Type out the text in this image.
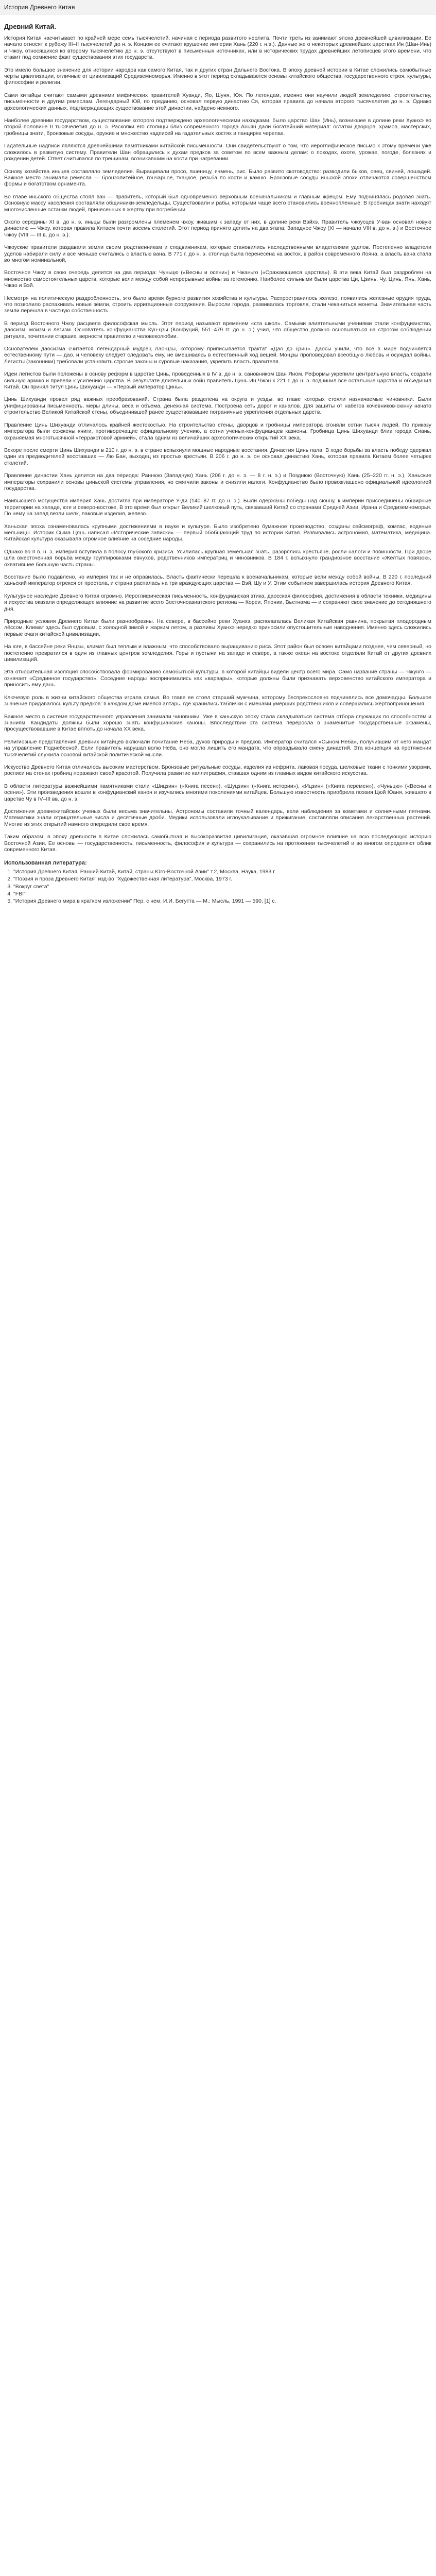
История Древнего Китая
Древний Китай.

История Китая насчитывает по крайней мере семь тысячелетий, начиная с периода развитого неолита. Почти треть из занимают эпоха древнейшей цивилизации. Ее начало относят к рубежу III–II тысячелетий до н. э. Концом ее считают крушение империи Хань (220 г. н.э.). Данные же о некоторых древнейших царствах Ин (Шан-Инь) и Чжоу, относящихся ко второму тысячелетию до н. э. отсутствуют в письменных источниках, или в исторических трудах древнейших летописцев этого времени, что ставит под сомнение факт существования этих государств.

Это имело большое значение для истории народов как самого Китая, так и других стран Дальнего Востока. В эпоху древней истории в Китае сложились самобытные черты цивилизации, отличные от цивилизаций Средиземноморья. Именно в этот период складываются основы китайского общества, государственного строя, культуры, философии и религии.

Сами китайцы считают самыми древними мифических правителей Хуанди, Яо, Шуня, Юя. По легендам, именно они научили людей земледелию, строительству, письменности и другим ремеслам. Легендарный Юй, по преданию, основал первую династию Ся, которая правила до начала второго тысячелетия до н. э. Однако археологических данных, подтверждающих существование этой династии, найдено немного.

Наиболее древним государством, существование которого подтверждено археологическими находками, было царство Шан (Инь), возникшее в долине реки Хуанхэ во второй половине II тысячелетия до н. э. Раскопки его столицы близ современного города Аньян дали богатейший материал: остатки дворцов, храмов, мастерских, гробницы знати, бронзовые сосуды, оружие и множество надписей на гадательных костях и панцирях черепах.

Гадательные надписи являются древнейшими памятниками китайской письменности. Они свидетельствуют о том, что иероглифическое письмо к этому времени уже сложилось в развитую систему. Правители Шан обращались к духам предков за советом по всем важным делам: о походах, охоте, урожае, погоде, болезнях и рождении детей. Ответ считывался по трещинам, возникавшим на кости при нагревании.

Основу хозяйства иньцев составляло земледелие. Выращивали просо, пшеницу, ячмень, рис. Было развито скотоводство: разводили быков, овец, свиней, лошадей. Важное место занимали ремесла — бронзолитейное, гончарное, ткацкое, резьба по кости и камню. Бронзовые сосуды иньской эпохи отличаются совершенством формы и богатством орнамента.

Во главе иньского общества стоял ван — правитель, который был одновременно верховным военачальником и главным жрецом. Ему подчинялась родовая знать. Основную массу населения составляли общинники-земледельцы. Существовали и рабы, которыми чаще всего становились военнопленные. В гробницах знати находят многочисленные останки людей, принесенных в жертву при погребении.

Около середины XI в. до н. э. иньцы были разгромлены племенем чжоу, жившим к западу от них, в долине реки Вэйхэ. Правитель чжоусцев У-ван основал новую династию — Чжоу, которая правила Китаем почти восемь столетий. Этот период принято делить на два этапа: Западное Чжоу (XI — начало VIII в. до н. э.) и Восточное Чжоу (VIII — III в. до н. э.).

Чжоуские правители раздавали земли своим родственникам и сподвижникам, которые становились наследственными владетелями уделов. Постепенно владетели уделов набирали силу и все меньше считались с властью вана. В 771 г. до н. э. столица была перенесена на восток, в район современного Лояна, а власть вана стала во многом номинальной.

Восточное Чжоу в свою очередь делится на два периода: Чуньцю («Весны и осени») и Чжаньго («Сражающиеся царства»). В эти века Китай был раздроблен на множество самостоятельных царств, которые вели между собой непрерывные войны за гегемонию. Наиболее сильными были царства Ци, Цзинь, Чу, Цинь, Янь, Хань, Чжао и Вэй.

Несмотря на политическую раздробленность, это было время бурного развития хозяйства и культуры. Распространилось железо, появились железные орудия труда, что позволило распахивать новые земли, строить ирригационные сооружения. Выросли города, развивалась торговля, стали чеканиться монеты. Значительная часть земли перешла в частную собственность.

В период Восточного Чжоу расцвела философская мысль. Этот период называют временем «ста школ». Самыми влиятельными учениями стали конфуцианство, даосизм, моизм и легизм. Основатель конфуцианства Кун-цзы (Конфуций, 551–479 гг. до н. э.) учил, что общество должно основываться на строгом соблюдении ритуала, почитании старших, верности правителю и человеколюбии.

Основателем даосизма считается легендарный мудрец Лао-цзы, которому приписывается трактат «Дао дэ цзин». Даосы учили, что все в мире подчиняется естественному пути — дао, и человеку следует следовать ему, не вмешиваясь в естественный ход вещей. Мо-цзы проповедовал всеобщую любовь и осуждал войны. Легисты (законники) требовали установить строгие законы и суровые наказания, укрепить власть правителя.

Идеи легистов были положены в основу реформ в царстве Цинь, проведенных в IV в. до н. э. сановником Шан Яном. Реформы укрепили центральную власть, создали сильную армию и привели к усилению царства. В результате длительных войн правитель Цинь Ин Чжэн к 221 г. до н. э. подчинил все остальные царства и объединил Китай. Он принял титул Цинь Шихуанди — «Первый император Цинь».

Цинь Шихуанди провел ряд важных преобразований. Страна была разделена на округа и уезды, во главе которых стояли назначаемые чиновники. Были унифицированы письменность, меры длины, веса и объема, денежная система. Построена сеть дорог и каналов. Для защиты от набегов кочевников-сюнну начато строительство Великой Китайской стены, объединившей ранее существовавшие пограничные укрепления отдельных царств.

Правление Цинь Шихуанди отличалось крайней жестокостью. На строительство стены, дворцов и гробницы императора сгоняли сотни тысяч людей. По приказу императора были сожжены книги, противоречащие официальному учению, а сотни ученых-конфуцианцев казнены. Гробница Цинь Шихуанди близ города Сиань, охраняемая многотысячной «терракотовой армией», стала одним из величайших археологических открытий XX века.

Вскоре после смерти Цинь Шихуанди в 210 г. до н. э. в стране вспыхнули мощные народные восстания. Династия Цинь пала. В ходе борьбы за власть победу одержал один из предводителей восставших — Лю Бан, выходец из простых крестьян. В 206 г. до н. э. он основал династию Хань, которая правила Китаем более четырех столетий.

Правление династии Хань делится на два периода: Раннюю (Западную) Хань (206 г. до н. э. — 8 г. н. э.) и Позднюю (Восточную) Хань (25–220 гг. н. э.). Ханьские императоры сохранили основы циньской системы управления, но смягчили законы и снизили налоги. Конфуцианство было провозглашено официальной идеологией государства.

Наивысшего могущества империя Хань достигла при императоре У-ди (140–87 гг. до н. э.). Были одержаны победы над сюнну, к империи присоединены обширные территории на западе, юге и северо-востоке. В это время был открыт Великий шелковый путь, связавший Китай со странами Средней Азии, Ирана и Средиземноморья. По нему на запад везли шелк, лаковые изделия, железо.

Ханьская эпоха ознаменовалась крупными достижениями в науке и культуре. Было изобретено бумажное производство, созданы сейсмограф, компас, водяные мельницы. Историк Сыма Цянь написал «Исторические записки» — первый обобщающий труд по истории Китая. Развивались астрономия, математика, медицина. Китайская культура оказывала огромное влияние на соседние народы.

Однако во II в. н. э. империя вступила в полосу глубокого кризиса. Усилилась крупная земельная знать, разорялись крестьяне, росли налоги и повинности. При дворе шла ожесточенная борьба между группировками евнухов, родственников императриц и чиновников. В 184 г. вспыхнуло грандиозное восстание «Желтых повязок», охватившее большую часть страны.

Восстание было подавлено, но империя так и не оправилась. Власть фактически перешла к военачальникам, которые вели между собой войны. В 220 г. последний ханьский император отрекся от престола, и страна распалась на три враждующих царства — Вэй, Шу и У. Этим событием завершилась история Древнего Китая.

Культурное наследие Древнего Китая огромно. Иероглифическая письменность, конфуцианская этика, даосская философия, достижения в области техники, медицины и искусства оказали определяющее влияние на развитие всего Восточноазиатского региона — Кореи, Японии, Вьетнама — и сохраняют свое значение до сегодняшнего дня.

Природные условия Древнего Китая были разнообразны. На севере, в бассейне реки Хуанхэ, располагалась Великая Китайская равнина, покрытая плодородным лёссом. Климат здесь был суровым, с холодной зимой и жарким летом, а разливы Хуанхэ нередко приносили опустошительные наводнения. Именно здесь сложились первые очаги китайской цивилизации.

На юге, в бассейне реки Янцзы, климат был теплым и влажным, что способствовало выращиванию риса. Этот район был освоен китайцами позднее, чем северный, но постепенно превратился в один из главных центров земледелия. Горы и пустыни на западе и севере, а также океан на востоке отделяли Китай от других древних цивилизаций.

Эта относительная изоляция способствовала формированию самобытной культуры, в которой китайцы видели центр всего мира. Само название страны — Чжунго — означает «Срединное государство». Соседние народы воспринимались как «варвары», которые должны были признавать верховенство китайского императора и приносить ему дань.

Ключевую роль в жизни китайского общества играла семья. Во главе ее стоял старший мужчина, которому беспрекословно подчинялись все домочадцы. Большое значение придавалось культу предков: в каждом доме имелся алтарь, где хранились таблички с именами умерших родственников и совершались жертвоприношения.

Важное место в системе государственного управления занимали чиновники. Уже в ханьскую эпоху стала складываться система отбора служащих по способностям и знаниям. Кандидаты должны были хорошо знать конфуцианские каноны. Впоследствии эта система переросла в знаменитые государственные экзамены, просуществовавшие в Китае вплоть до начала XX века.

Религиозные представления древних китайцев включали почитание Неба, духов природы и предков. Император считался «Сыном Неба», получившим от него мандат на управление Поднебесной. Если правитель нарушал волю Неба, оно могло лишить его мандата, что оправдывало смену династий. Эта концепция на протяжении тысячелетий служила основой китайской политической мысли.

Искусство Древнего Китая отличалось высоким мастерством. Бронзовые ритуальные сосуды, изделия из нефрита, лаковая посуда, шелковые ткани с тонкими узорами, росписи на стенах гробниц поражают своей красотой. Получила развитие каллиграфия, ставшая одним из главных видов китайского искусства.

В области литературы важнейшими памятниками стали «Шицзин» («Книга песен»), «Шуцзин» («Книга истории»), «Ицзин» («Книга перемен»), «Чуньцю» («Весны и осени»). Эти произведения вошли в конфуцианский канон и изучались многими поколениями китайцев. Большую известность приобрела поэзия Цюй Юаня, жившего в царстве Чу в IV–III вв. до н. э.

Достижения древнекитайских ученых были весьма значительны. Астрономы составили точный календарь, вели наблюдения за кометами и солнечными пятнами. Математики знали отрицательные числа и десятичные дроби. Медики использовали иглоукалывание и прижигание, составляли описания лекарственных растений. Многие из этих открытий намного опередили свое время.

Таким образом, в эпоху древности в Китае сложилась самобытная и высокоразвитая цивилизация, оказавшая огромное влияние на всю последующую историю Восточной Азии. Ее основы — государственность, письменность, философия и культура — сохранились на протяжении тысячелетий и во многом определяют облик современного Китая.

Использованная литература:
1. "История Древнего Китая, Ранний Китай, Китай, страны Юго-Восточной Азии" т.2, Москва, Наука, 1983 г.
2. "Поэзия и проза Древнего Китая" изд-во "Художественная литература", Москва, 1973 г.
3. "Вокруг света"
4. "FBI"
5. "История Древнего мира в кратком изложении" Пер. с нем. И.И. Бегутта — М.: Мысль, 1991 — 590, [1] с.
